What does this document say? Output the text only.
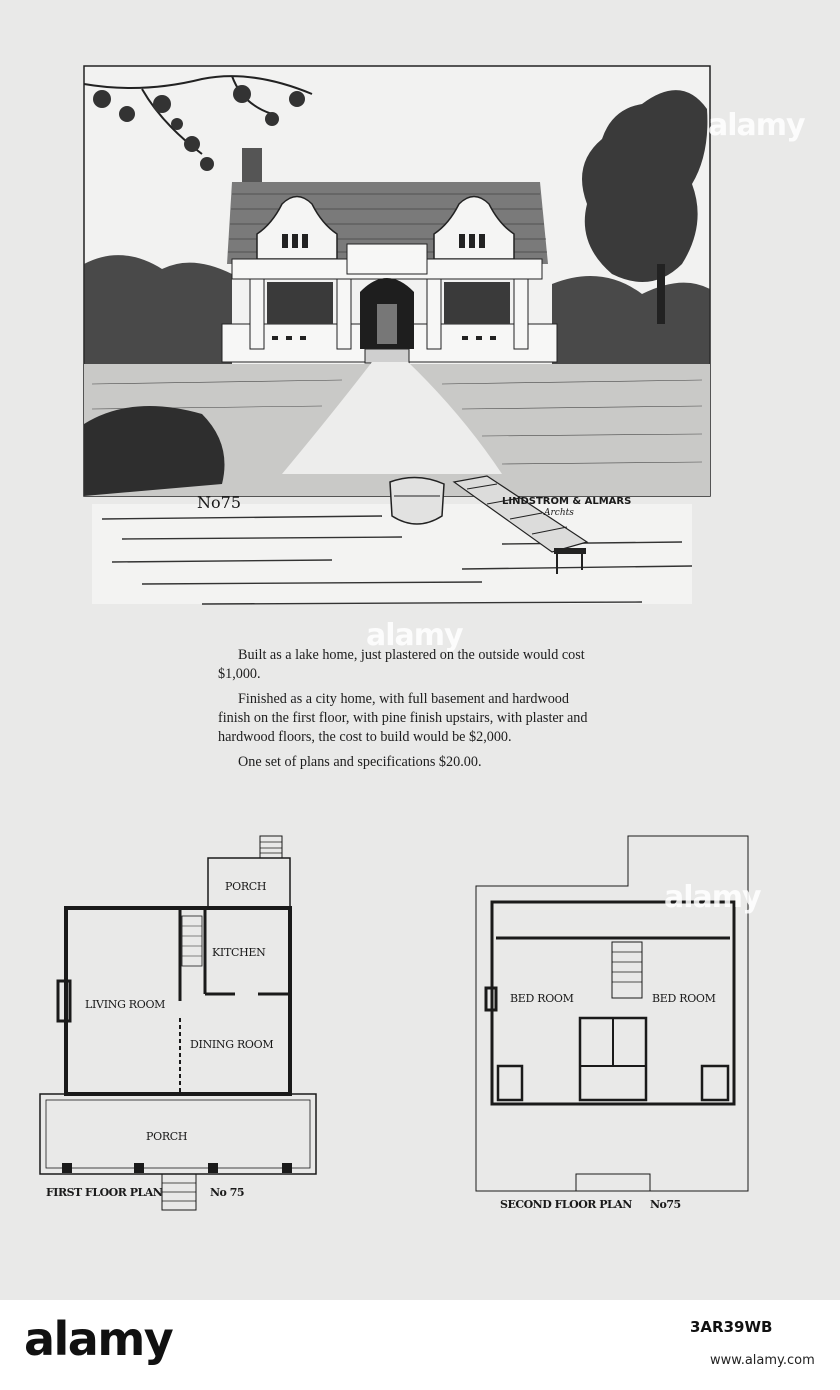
No75	LINDSTROM & ALMARS
Archts

Built as a lake home, just plastered on the outside would cost $1,000.

Finished as a city home, with full basement and hardwood finish on the first floor, with pine finish upstairs, with plaster and hardwood floors, the cost to build would be $2,000.

One set of plans and specifications $20.00.

PORCH
KITCHEN
LIVING ROOM
DINING ROOM
PORCH
FIRST FLOOR PLAN	No 75
BED ROOM	BED ROOM
SECOND FLOOR PLAN No75
alamy
alamy
alamy
alamy	3AR39WB
www.alamy.com
